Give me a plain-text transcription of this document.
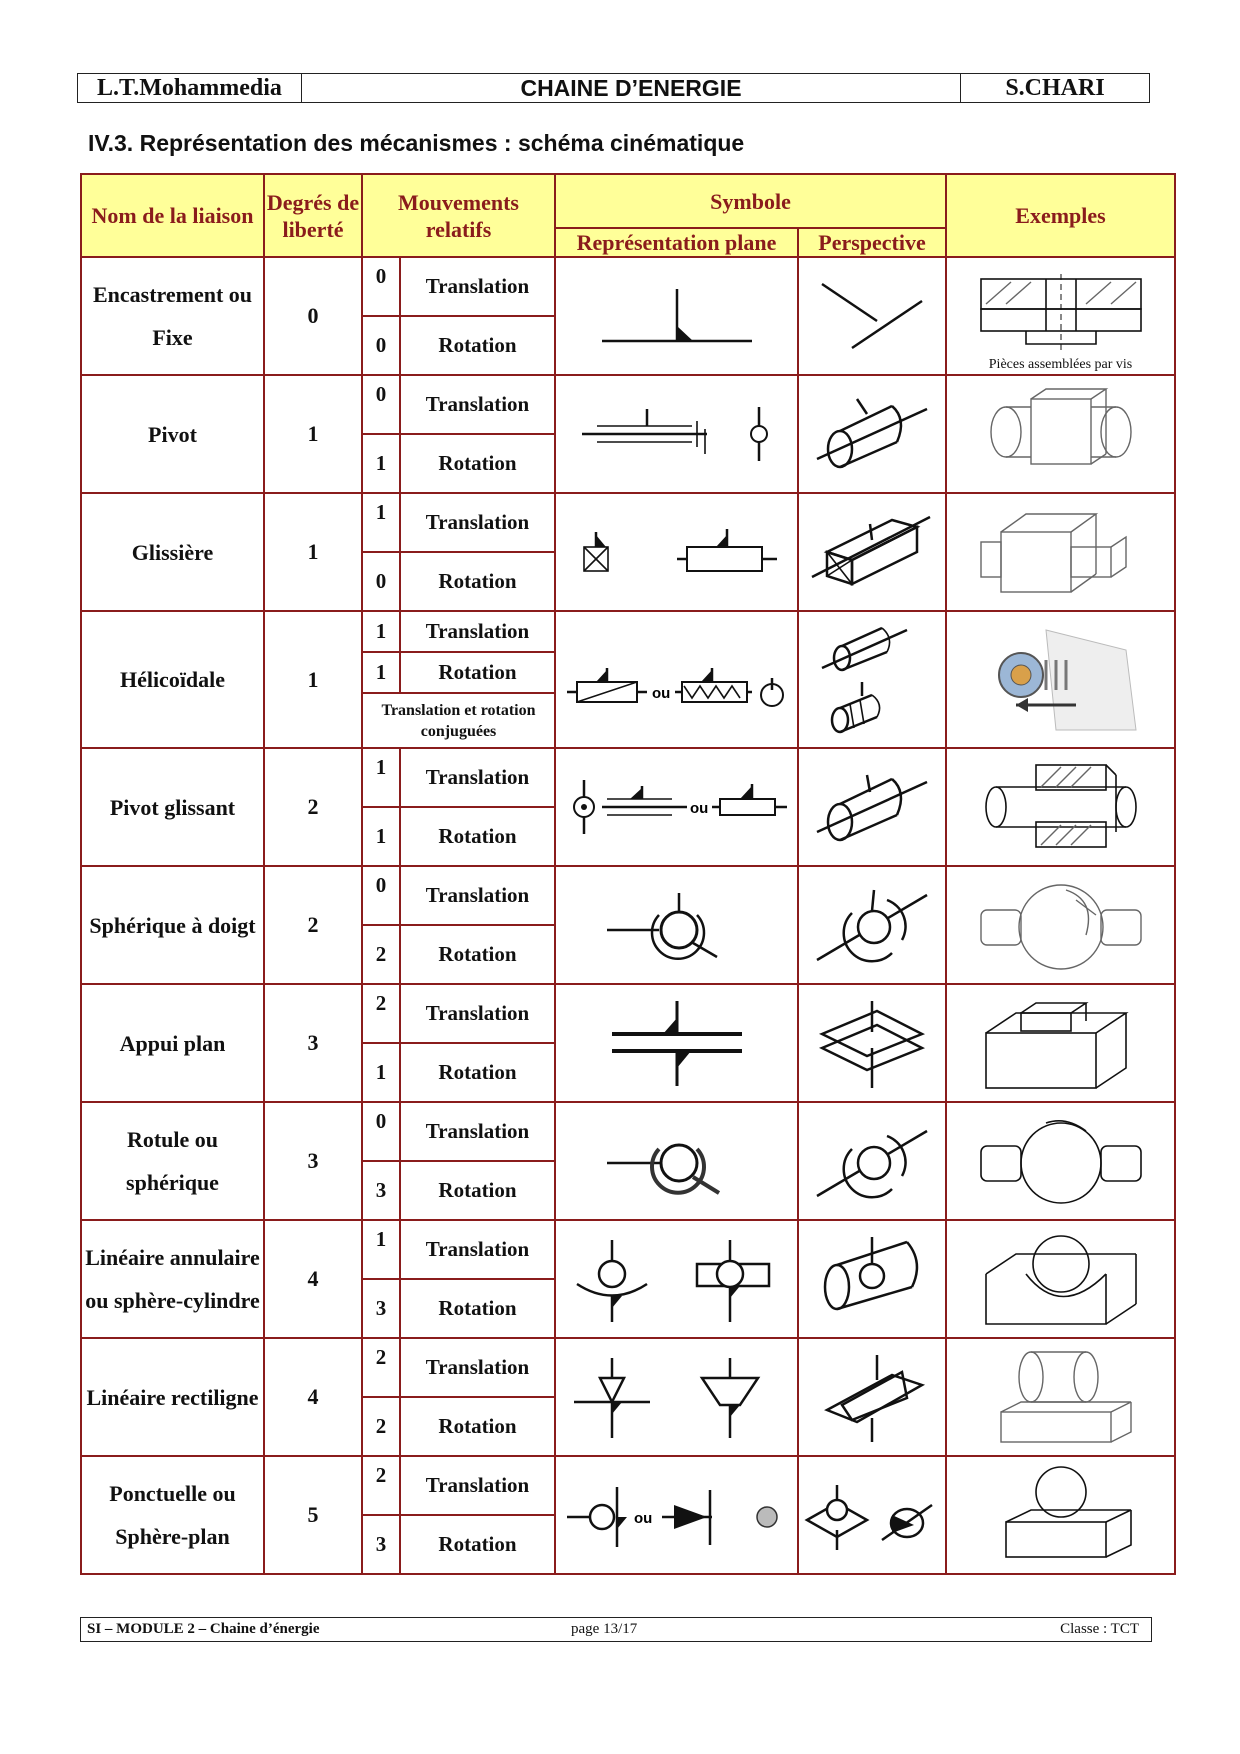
L.T.Mohammedia	CHAINE D’ENERGIE	S.CHARI
IV.3. Représentation des mécanismes : schéma cinématique
Nom de la liaison	Degrés de liberté	Mouvements relatifs		Symbole		Exemples
				Représentation plane	Perspective	
Encastrement ou Fixe	0	0	Translation			Pièces assemblées par vis

		0	Rotation			
Pivot	1	0	Translation	

		1	Rotation			
Glissière	1	1	Translation	

		0	Rotation			
Hélicoïdale	1	1	Translation	ou

		1	Rotation			
		Translation et rotation conjuguées				
Pivot glissant	2	1	Translation	ou

		1	Rotation			
Sphérique à doigt	2	0	Translation	

		2	Rotation			
Appui plan	3	2	Translation	

		1	Rotation			
Rotule ou sphérique	3	0	Translation	

		3	Rotation			
Linéaire annulaire ou sphère-cylindre	4	1	Translation	

		3	Rotation			
Linéaire rectiligne	4	2	Translation	

		2	Rotation			
Ponctuelle ou Sphère-plan	5	2	Translation	ou

		3	Rotation			
SI – MODULE 2 – Chaine d’énergie	page 13/17	Classe : TCT
